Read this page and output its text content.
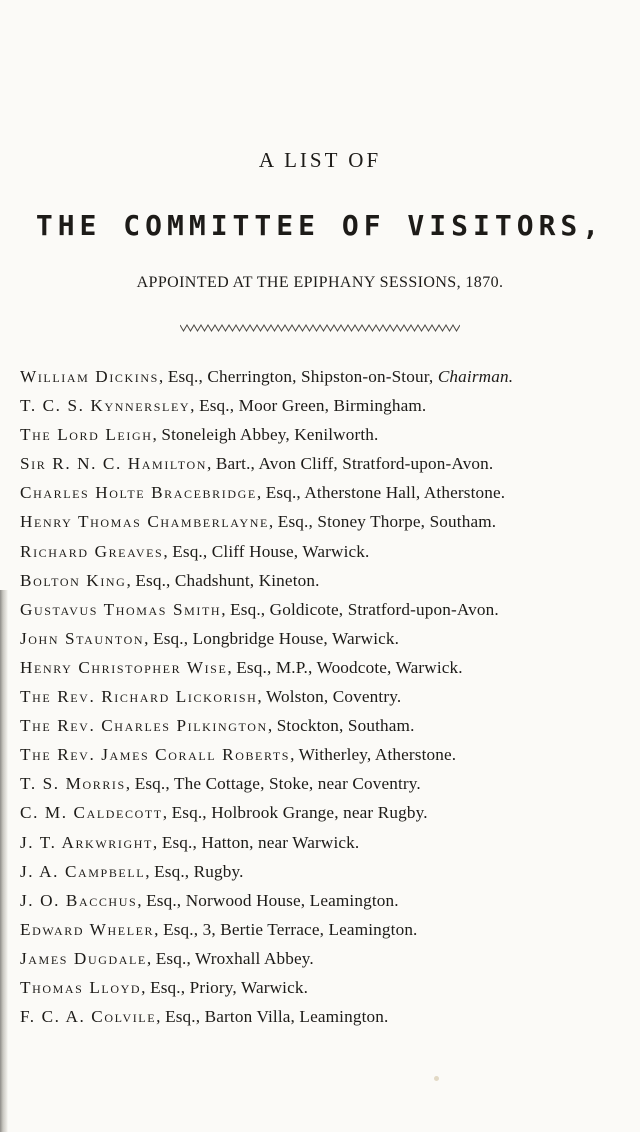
A LIST OF
THE COMMITTEE OF VISITORS,
APPOINTED AT THE EPIPHANY SESSIONS, 1870.
William Dickins, Esq., Cherrington, Shipston-on-Stour, Chairman.
T. C. S. Kynnersley, Esq., Moor Green, Birmingham.
The Lord Leigh, Stoneleigh Abbey, Kenilworth.
Sir R. N. C. Hamilton, Bart., Avon Cliff, Stratford-upon-Avon.
Charles Holte Bracebridge, Esq., Atherstone Hall, Atherstone.
Henry Thomas Chamberlayne, Esq., Stoney Thorpe, Southam.
Richard Greaves, Esq., Cliff House, Warwick.
Bolton King, Esq., Chadshunt, Kineton.
Gustavus Thomas Smith, Esq., Goldicote, Stratford-upon-Avon.
John Staunton, Esq., Longbridge House, Warwick.
Henry Christopher Wise, Esq., M.P., Woodcote, Warwick.
The Rev. Richard Lickorish, Wolston, Coventry.
The Rev. Charles Pilkington, Stockton, Southam.
The Rev. James Corall Roberts, Witherley, Atherstone.
T. S. Morris, Esq., The Cottage, Stoke, near Coventry.
C. M. Caldecott, Esq., Holbrook Grange, near Rugby.
J. T. Arkwright, Esq., Hatton, near Warwick.
J. A. Campbell, Esq., Rugby.
J. O. Bacchus, Esq., Norwood House, Leamington.
Edward Wheler, Esq., 3, Bertie Terrace, Leamington.
James Dugdale, Esq., Wroxhall Abbey.
Thomas Lloyd, Esq., Priory, Warwick.
F. C. A. Colvile, Esq., Barton Villa, Leamington.
